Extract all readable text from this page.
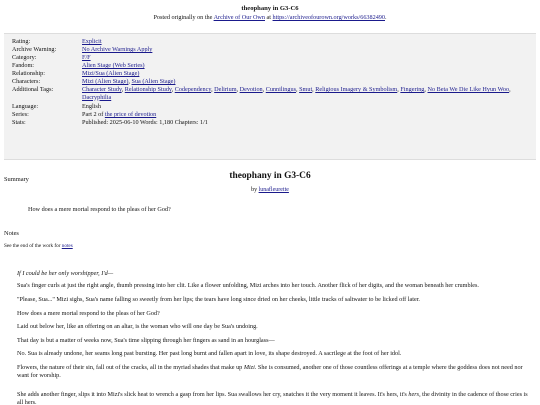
theophany in G3-C6
Posted originally on the Archive of Our Own at https://archiveofourown.org/works/66382490.
Rating:	Explicit
Archive Warning:	No Archive Warnings Apply
Category:	F/F
Fandom:	Alien Stage (Web Series)
Relationship:	Mizi/Sua (Alien Stage)
Characters:	Mizi (Alien Stage), Sua (Alien Stage)
Additional Tags:	Character Study, Relationship Study, Codependency, Delirium, Devotion, Cunnilingus, Smut, Religious Imagery & Symbolism, Fingering, No Beta We Die Like Hyun Woo, Dacryphilia
Language:	English
Series:	Part 2 of the price of devotion
Stats:	Published: 2025-06-10 Words: 1,180 Chapters: 1/1
theophany in G3-C6
by lunafleurette
Summary
How does a mere mortal respond to the pleas of her God?
Notes
See the end of the work for notes
If I could be her only worshipper, I'd—
Sua's finger curls at just the right angle, thumb pressing into her clit. Like a flower unfolding, Mizi arches into her touch. Another flick of her digits, and the woman beneath her crumbles.
"Please, Sua..." Mizi sighs, Sua's name falling so sweetly from her lips; the tears have long since dried on her cheeks, little tracks of saltwater to be licked off later.
How does a mere mortal respond to the pleas of her God?
Laid out below her, like an offering on an altar, is the woman who will one day be Sua's undoing.
That day is but a matter of weeks now, Sua's time slipping through her fingers as sand in an hourglass—
No. Sua is already undone, her seams long past bursting. Her past long burnt and fallen apart in love, its shape destroyed. A sacrilege at the foot of her idol.
Flowers, the nature of their sin, fall out of the cracks, all in the myriad shades that make up Mizi. She is consumed, another one of those countless offerings at a temple where the goddess does not need nor want for worship.
She adds another finger, slips it into Mizi's slick heat to wrench a gasp from her lips. Sua swallows her cry, snatches it the very moment it leaves. It's hers, it's hers, the divinity in the cadence of those cries is all hers.
